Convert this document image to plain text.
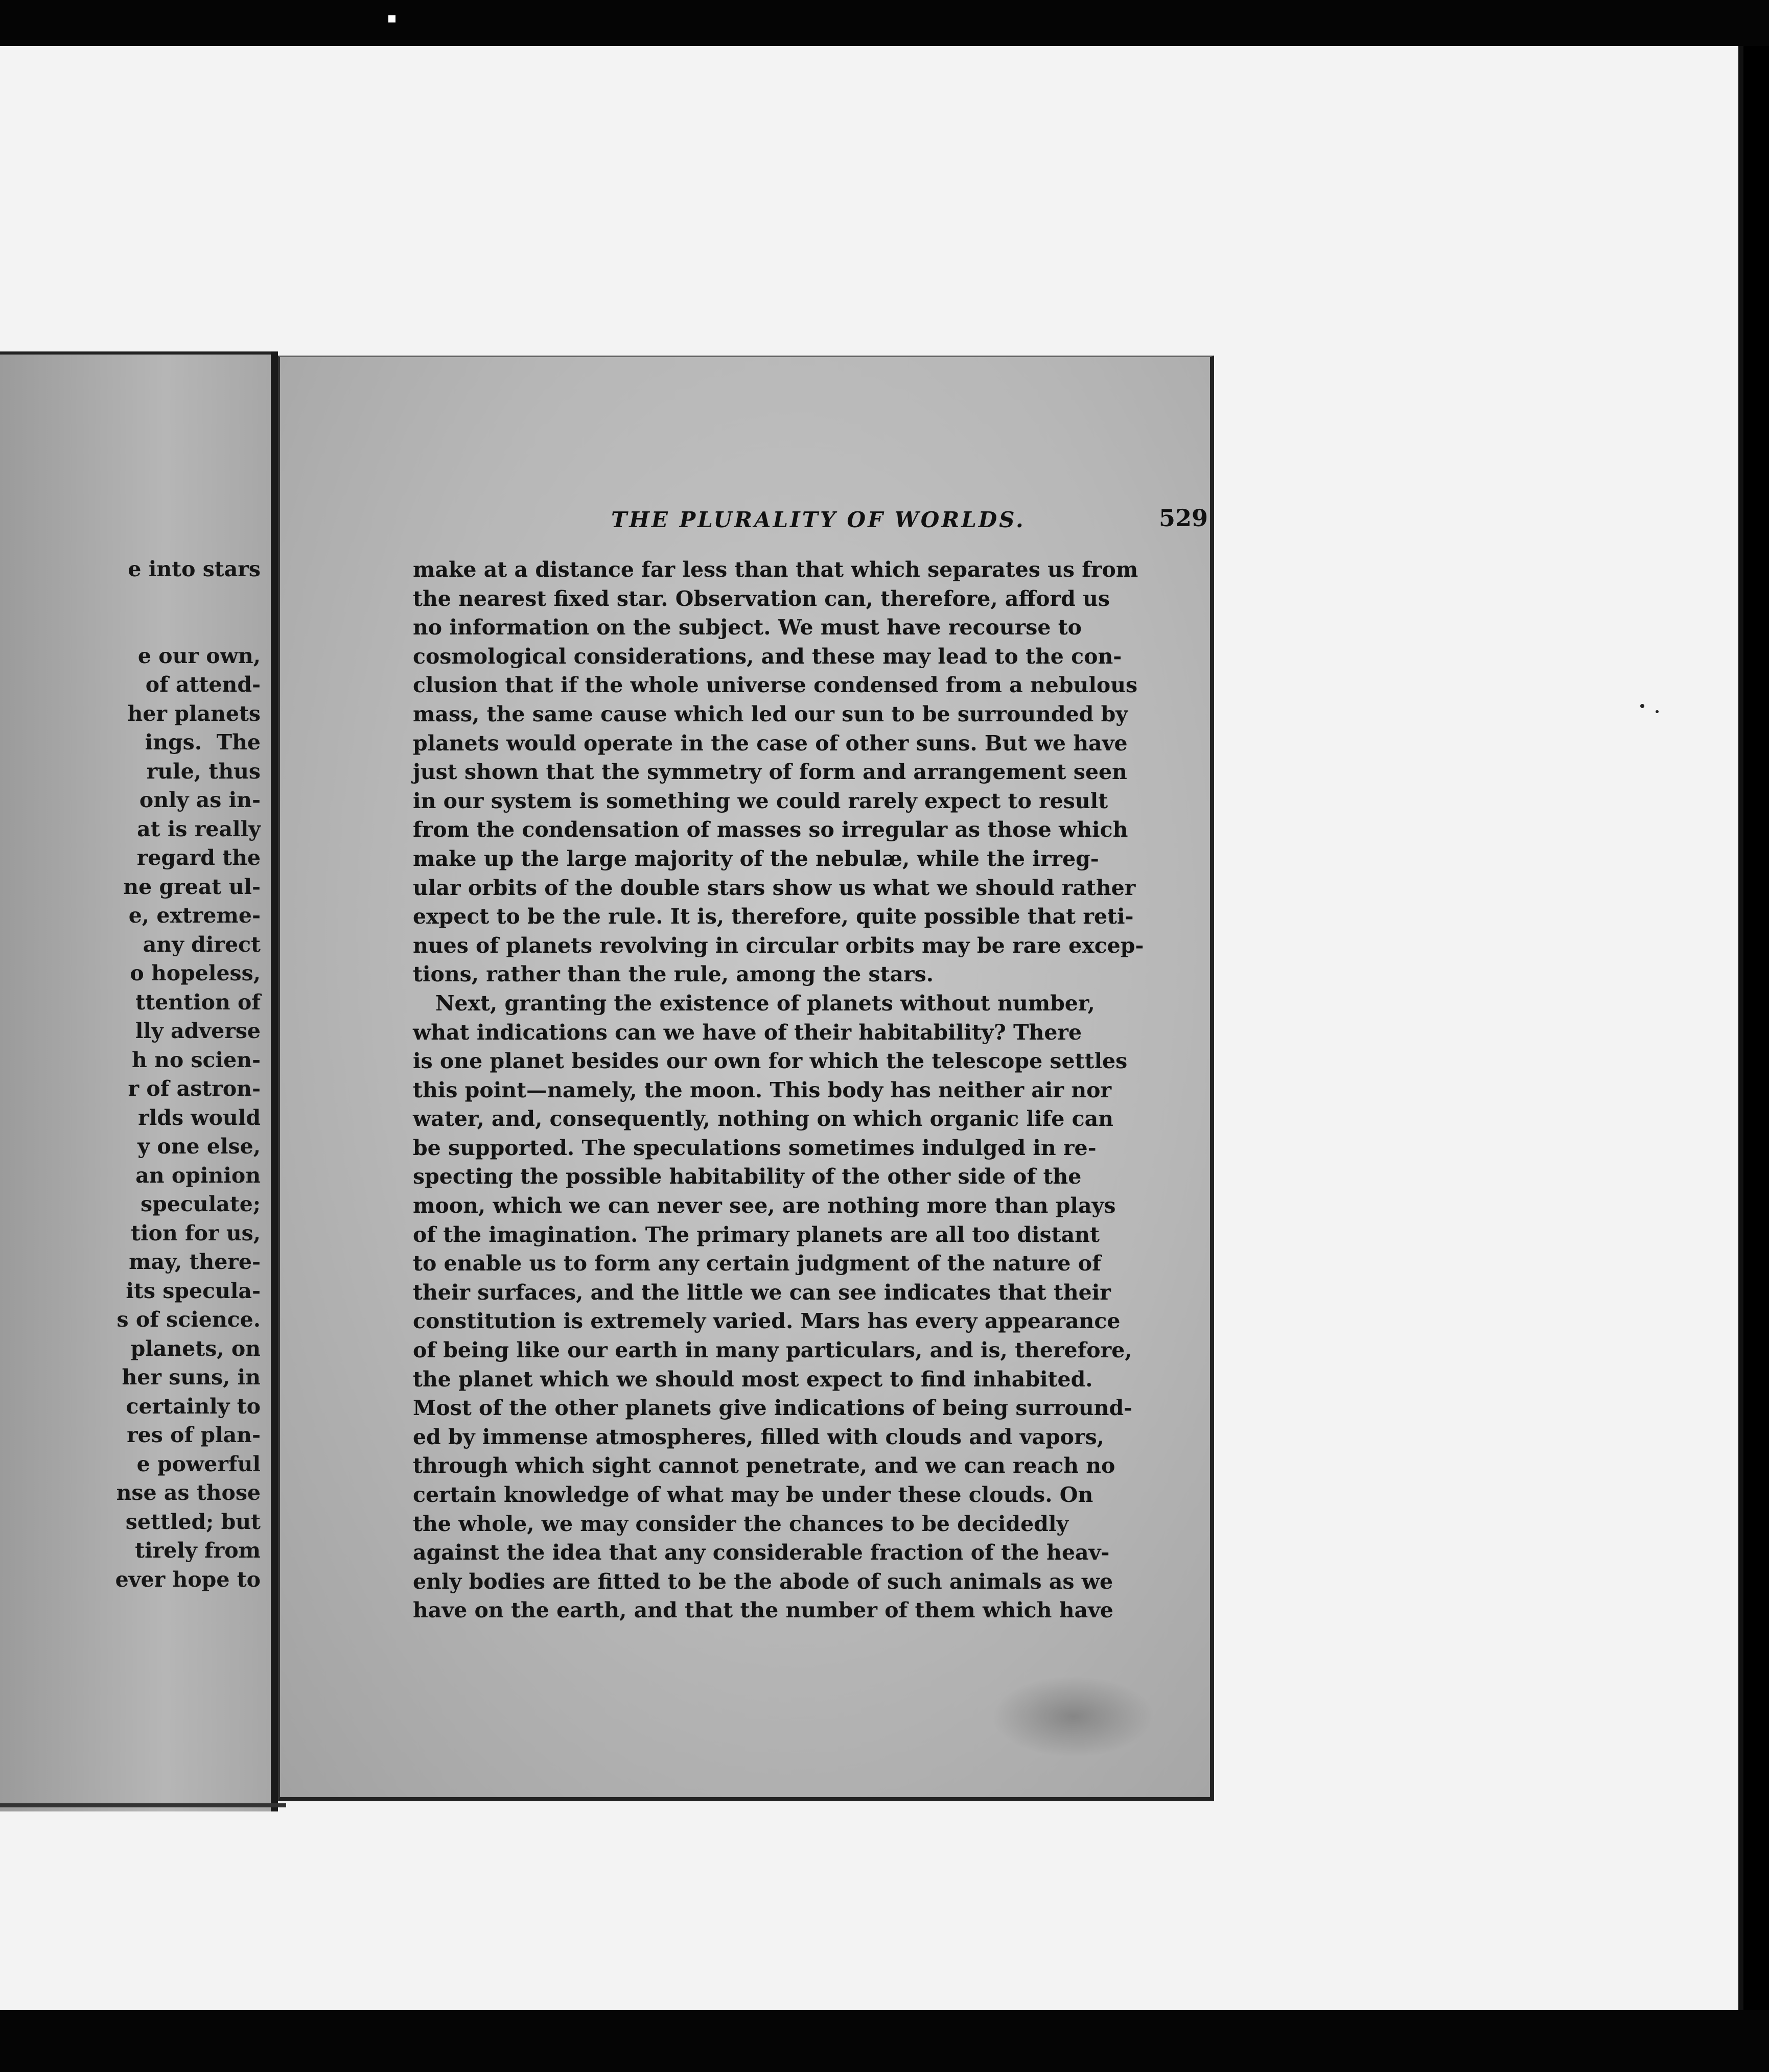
e into stars

e our own,
of attend-
her planets
ings.  The
rule, thus
only as in-
at is really
regard the
ne great ul-
e, extreme-
any direct
o hopeless,
ttention of
lly adverse
h no scien-
r of astron-
rlds would
y one else,
an opinion
speculate;
tion for us,
may, there-
its specula-
s of science.
planets, on
her suns, in
certainly to
res of plan-
e powerful
nse as those
settled; but
tirely from
ever hope to
THE PLURALITY OF WORLDS.	529
make at a distance far less than that which separates us from
the nearest fixed star. Observation can, therefore, afford us
no information on the subject. We must have recourse to
cosmological considerations, and these may lead to the con-
clusion that if the whole universe condensed from a nebulous
mass, the same cause which led our sun to be surrounded by
planets would operate in the case of other suns. But we have
just shown that the symmetry of form and arrangement seen
in our system is something we could rarely expect to result
from the condensation of masses so irregular as those which
make up the large majority of the nebulæ, while the irreg-
ular orbits of the double stars show us what we should rather
expect to be the rule. It is, therefore, quite possible that reti-
nues of planets revolving in circular orbits may be rare excep-
tions, rather than the rule, among the stars.
Next, granting the existence of planets without number,
what indications can we have of their habitability? There
is one planet besides our own for which the telescope settles
this point—namely, the moon. This body has neither air nor
water, and, consequently, nothing on which organic life can
be supported. The speculations sometimes indulged in re-
specting the possible habitability of the other side of the
moon, which we can never see, are nothing more than plays
of the imagination. The primary planets are all too distant
to enable us to form any certain judgment of the nature of
their surfaces, and the little we can see indicates that their
constitution is extremely varied. Mars has every appearance
of being like our earth in many particulars, and is, therefore,
the planet which we should most expect to find inhabited.
Most of the other planets give indications of being surround-
ed by immense atmospheres, filled with clouds and vapors,
through which sight cannot penetrate, and we can reach no
certain knowledge of what may be under these clouds. On
the whole, we may consider the chances to be decidedly
against the idea that any considerable fraction of the heav-
enly bodies are fitted to be the abode of such animals as we
have on the earth, and that the number of them which have
